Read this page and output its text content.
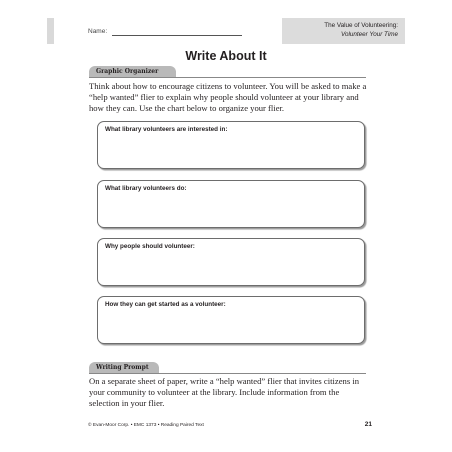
Name:
The Value of Volunteering:
Volunteer Your Time
Write About It
Graphic Organizer
Think about how to encourage citizens to volunteer. You will be asked to make a “help wanted” flier to explain why people should volunteer at your library and how they can. Use the chart below to organize your flier.
What library volunteers are interested in:
What library volunteers do:
Why people should volunteer:
How they can get started as a volunteer:
Writing Prompt
On a separate sheet of paper, write a “help wanted” flier that invites citizens in your community to volunteer at the library. Include information from the selection in your flier.
© Evan-Moor Corp. • EMC 1373 • Reading Paired Text	21
